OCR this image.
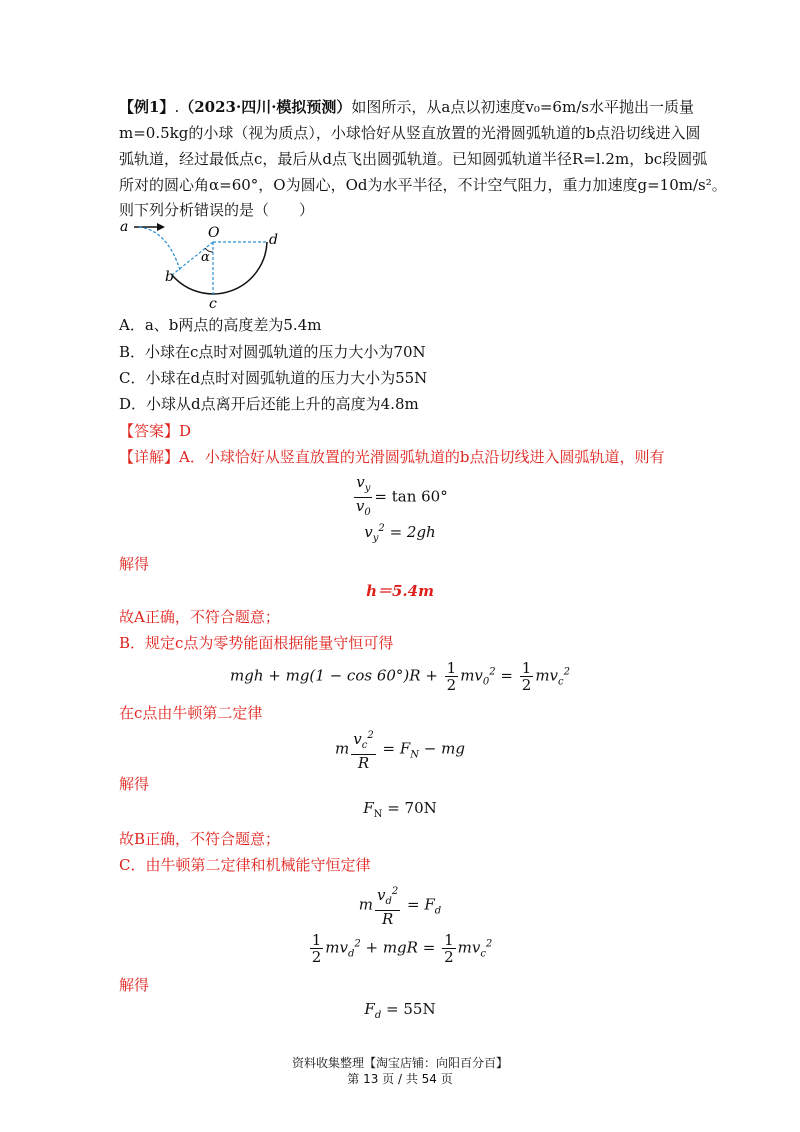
【例1】.（2023·四川·模拟预测）如图所示，从a点以初速度v₀=6m/s水平抛出一质量
m=0.5kg的小球（视为质点），小球恰好从竖直放置的光滑圆弧轨道的b点沿切线进入圆
弧轨道，经过最低点c，最后从d点飞出圆弧轨道。已知圆弧轨道半径R=l.2m，bc段圆弧
所对的圆心角α=60°，O为圆心，Od为水平半径，不计空气阻力，重力加速度g=10m/s²。
则下列分析错误的是（　　）
a	O	d
α
b
c
A．a、b两点的高度差为5.4m
B．小球在c点时对圆弧轨道的压力大小为70N
C．小球在d点时对圆弧轨道的压力大小为55N
D．小球从d点离开后还能上升的高度为4.8m
【答案】D
【详解】A．小球恰好从竖直放置的光滑圆弧轨道的b点沿切线进入圆弧轨道，则有
$\frac{v_y}{v_0} = \tan 60^\circ$
$v_y^2 = 2gh$
解得
h＝5.4m
故A正确，不符合题意；
B．规定c点为零势能面根据能量守恒可得
mgh + $mg(1 - \cos 60^\circ)R + \frac{1}{2} mv_0^2 = \frac{1}{2} mv_c^2$
在c点由牛顿第二定律
m $\frac{v_c^2}{R} = F_N$ − mg
解得
$F_N = 70N$
故B正确，不符合题意；
C．由牛顿第二定律和机械能守恒定律
m $\frac{v_d^2}{R} = F_d$
$\frac{1}{2} mv_d^2$ + mgR = $\frac{1}{2} mv_c^2$
解得
$F_d = 55N$
资料收集整理【淘宝店铺：向阳百分百】
第 13 页 / 共 54 页
